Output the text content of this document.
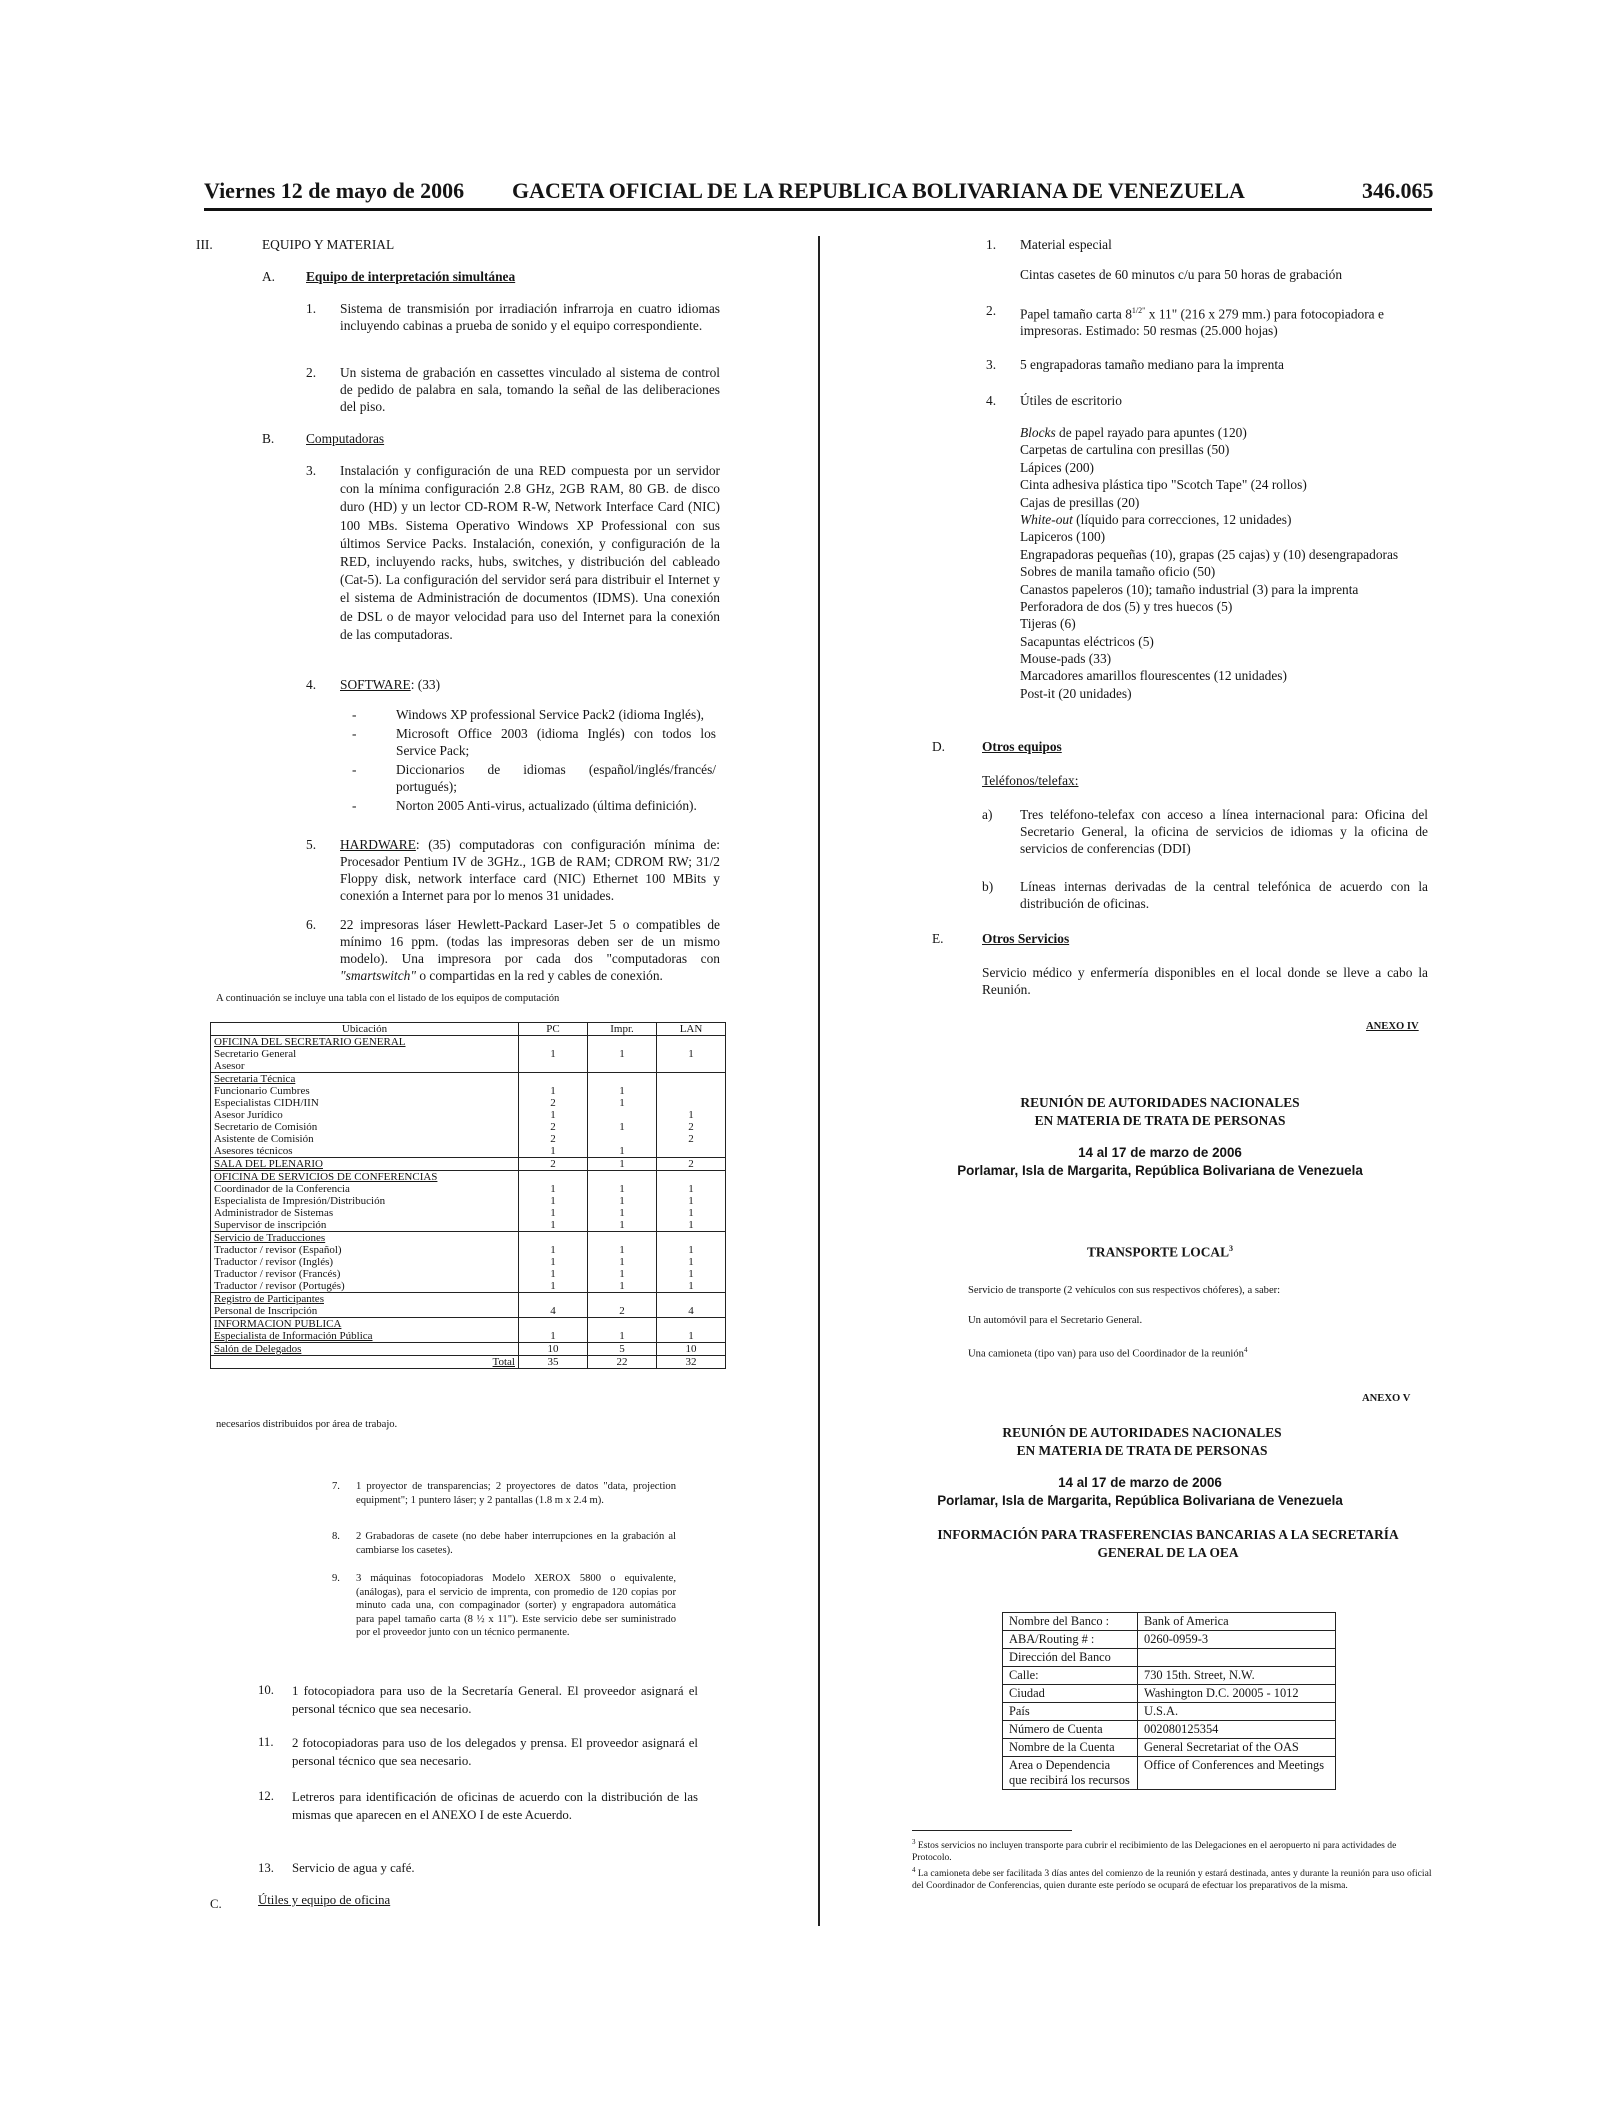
Viernes 12 de mayo de 2006 GACETA OFICIAL DE LA REPUBLICA BOLIVARIANA DE VENEZUELA	346.065
III.	EQUIPO Y MATERIAL
A. Equipo de interpretación simultánea
1. Sistema de transmisión por irradiación infrarroja en cuatro idiomas incluyendo cabinas a prueba de sonido y el equipo correspondiente.
2. Un sistema de grabación en cassettes vinculado al sistema de control de pedido de palabra en sala, tomando la señal de las deliberaciones del piso.
B. Computadoras
3. Instalación y configuración de una RED compuesta por un servidor con la mínima configuración 2.8 GHz, 2GB RAM, 80 GB. de disco duro (HD) y un lector CD-ROM R-W, Network Interface Card (NIC) 100 MBs. Sistema Operativo Windows XP Professional con sus últimos Service Packs. Instalación, conexión, y configuración de la RED, incluyendo racks, hubs, switches, y distribución del cableado (Cat-5). La configuración del servidor será para distribuir el Internet y el sistema de Administración de documentos (IDMS). Una conexión de DSL o de mayor velocidad para uso del Internet para la conexión de las computadoras.
4. SOFTWARE: (33)
- Windows XP professional Service Pack2 (idioma Inglés),
- Microsoft Office 2003 (idioma Inglés) con todos los Service Pack;
- Diccionarios de idiomas (español/inglés/francés/ portugués);
- Norton 2005 Anti-virus, actualizado (última definición).
5. HARDWARE: (35) computadoras con configuración mínima de: Procesador Pentium IV de 3GHz., 1GB de RAM; CDROM RW; 31/2 Floppy disk, network interface card (NIC) Ethernet 100 MBits y conexión a Internet para por lo menos 31 unidades.
6. 22 impresoras láser Hewlett-Packard Laser-Jet 5 o compatibles de mínimo 16 ppm. (todas las impresoras deben ser de un mismo modelo). Una impresora por cada dos "computadoras con "smartswitch" o compartidas en la red y cables de conexión.
A continuación se incluye una tabla con el listado de los equipos de computación
Ubicación	PC	Impr.	LAN
OFICINA DEL SECRETARIO GENERAL			
Secretario General	1	1	1
Asesor			
Secretaria Técnica			
Funcionario Cumbres	1	1	
Especialistas CIDH/IIN	2	1	
Asesor Jurídico	1		1
Secretario de Comisión	2	1	2
Asistente de Comisión	2		2
Asesores técnicos	1	1	
SALA DEL PLENARIO	2	1	2
OFICINA DE SERVICIOS DE CONFERENCIAS			
Coordinador de la Conferencia	1	1	1
Especialista de Impresión/Distribución	1	1	1
Administrador de Sistemas	1	1	1
Supervisor de inscripción	1	1	1
Servicio de Traducciones			
Traductor / revisor (Español)	1	1	1
Traductor / revisor (Inglés)	1	1	1
Traductor / revisor (Francés)	1	1	1
Traductor / revisor (Portugés)	1	1	1
Registro de Participantes			
Personal de Inscripción	4	2	4
INFORMACION PUBLICA			
Especialista de Información Pública	1	1	1
Salón de Delegados	10	5	10
Total	35	22	32
necesarios distribuidos por área de trabajo.
7. 1 proyector de transparencias; 2 proyectores de datos "data, projection equipment"; 1 puntero láser; y 2 pantallas (1.8 m x 2.4 m).
8. 2 Grabadoras de casete (no debe haber interrupciones en la grabación al cambiarse los casetes).
9. 3 máquinas fotocopiadoras Modelo XEROX 5800 o equivalente, (análogas), para el servicio de imprenta, con promedio de 120 copias por minuto cada una, con compaginador (sorter) y engrapadora automática para papel tamaño carta (8 ½ x 11"). Este servicio debe ser suministrado por el proveedor junto con un técnico permanente.
10. 1 fotocopiadora para uso de la Secretaría General. El proveedor asignará el personal técnico que sea necesario.
11. 2 fotocopiadoras para uso de los delegados y prensa. El proveedor asignará el personal técnico que sea necesario.
12. Letreros para identificación de oficinas de acuerdo con la distribución de las mismas que aparecen en el ANEXO I de este Acuerdo.
13. Servicio de agua y café.
C.	Útiles y equipo de oficina
1. Material especial
Cintas casetes de 60 minutos c/u para 50 horas de grabación
2. Papel tamaño carta $8^{1/2"}$ x 11" (216 x 279 mm.) para fotocopiadora e impresoras. Estimado: 50 resmas (25.000 hojas)
3. 5 engrapadoras tamaño mediano para la imprenta
4. Útiles de escritorio
Blocks de papel rayado para apuntes (120)
Carpetas de cartulina con presillas (50)
Lápices (200)
Cinta adhesiva plástica tipo "Scotch Tape" (24 rollos)
Cajas de presillas (20)
White-out (líquido para correcciones, 12 unidades)
Lapiceros (100)
Engrapadoras pequeñas (10), grapas (25 cajas) y (10) desengrapadoras
Sobres de manila tamaño oficio (50)
Canastos papeleros (10); tamaño industrial (3) para la imprenta
Perforadora de dos (5) y tres huecos (5)
Tijeras (6)
Sacapuntas eléctricos (5)
Mouse-pads (33)
Marcadores amarillos flourescentes (12 unidades)
Post-it (20 unidades)
D.	Otros equipos
Teléfonos/telefax:
a) Tres teléfono-telefax con acceso a línea internacional para: Oficina del Secretario General, la oficina de servicios de idiomas y la oficina de servicios de conferencias (DDI)
b) Líneas internas derivadas de la central telefónica de acuerdo con la distribución de oficinas.
E.	Otros Servicios
Servicio médico y enfermería disponibles en el local donde se lleve a cabo la Reunión.
ANEXO IV
REUNIÓN DE AUTORIDADES NACIONALES
EN MATERIA DE TRATA DE PERSONAS
14 al 17 de marzo de 2006
Porlamar, Isla de Margarita, República Bolivariana de Venezuela
TRANSPORTE LOCAL$^3$
Servicio de transporte (2 vehículos con sus respectivos chóferes), a saber:
Un automóvil para el Secretario General.
Una camioneta (tipo van) para uso del Coordinador de la reunión$^4$
ANEXO V
REUNIÓN DE AUTORIDADES NACIONALES
EN MATERIA DE TRATA DE PERSONAS
14 al 17 de marzo de 2006
Porlamar, Isla de Margarita, República Bolivariana de Venezuela
INFORMACIÓN PARA TRASFERENCIAS BANCARIAS A LA SECRETARÍA
GENERAL DE LA OEA
Nombre del Banco :	Bank of America
ABA/Routing # :	0260-0959-3
Dirección del Banco	
Calle:	730 15th. Street, N.W.
Ciudad	Washington D.C. 20005 - 1012
País	U.S.A.
Número de Cuenta	002080125354
Nombre de la Cuenta	General Secretariat of the OAS
Area o Dependencia que recibirá los recursos	Office of Conferences and Meetings
$^3$ Estos servicios no incluyen transporte para cubrir el recibimiento de las Delegaciones en el aeropuerto ni para actividades de Protocolo.
$^4$ La camioneta debe ser facilitada 3 días antes del comienzo de la reunión y estará destinada, antes y durante la reunión para uso oficial del Coordinador de Conferencias, quien durante este período se ocupará de efectuar los preparativos de la misma.
